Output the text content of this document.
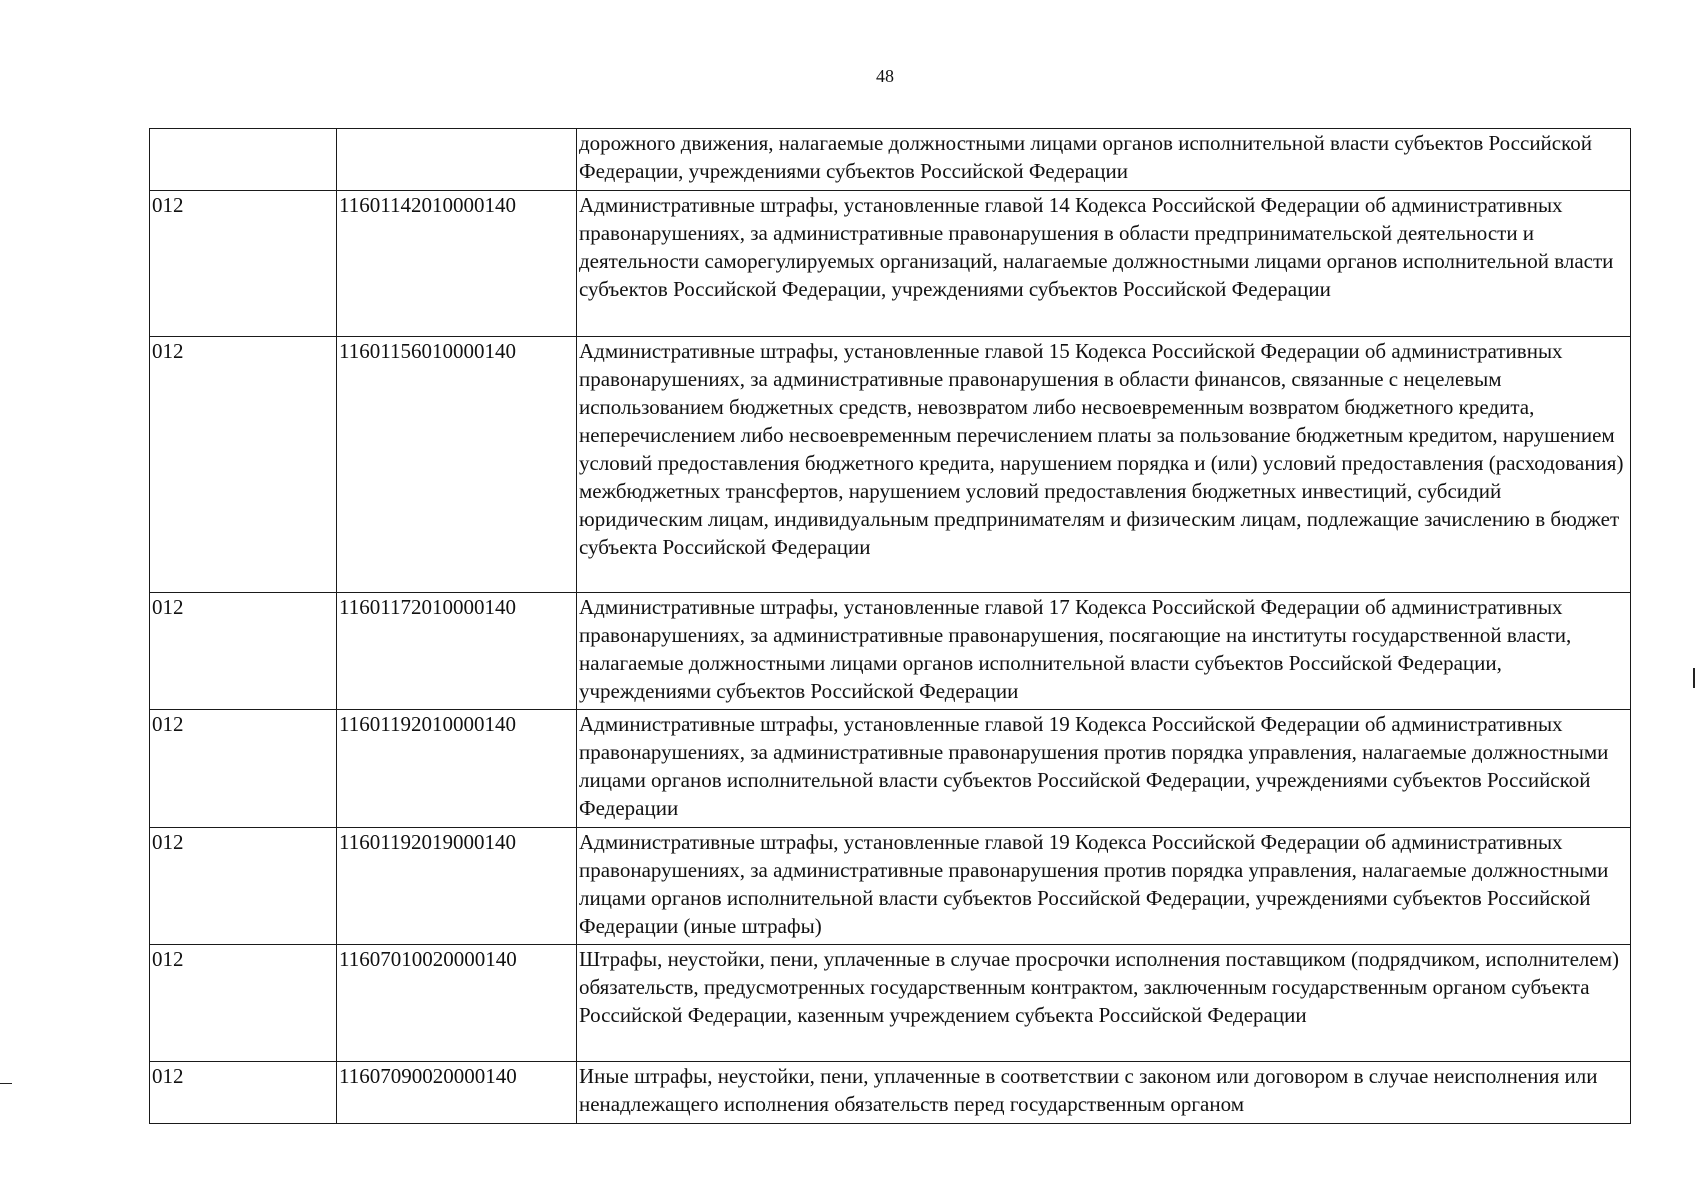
48
		дорожного движения, налагаемые должностными лицами органов исполнительной власти субъектов Российской Федерации, учреждениями субъектов Российской Федерации
012	11601142010000140	Административные штрафы, установленные главой 14 Кодекса Российской Федерации об административных правонарушениях, за административные правонарушения в области предпринимательской деятельности и деятельности саморегулируемых организаций, налагаемые должностными лицами органов исполнительной власти субъектов Российской Федерации, учреждениями субъектов Российской Федерации
012	11601156010000140	Административные штрафы, установленные главой 15 Кодекса Российской Федерации об административных правонарушениях, за административные правонарушения в области финансов, связанные с нецелевым использованием бюджетных средств, невозвратом либо несвоевременным возвратом бюджетного кредита, неперечислением либо несвоевременным перечислением платы за пользование бюджетным кредитом, нарушением условий предоставления бюджетного кредита, нарушением порядка и (или) условий предоставления (расходования) межбюджетных трансфертов, нарушением условий предоставления бюджетных инвестиций, субсидий юридическим лицам, индивидуальным предпринимателям и физическим лицам, подлежащие зачислению в бюджет субъекта Российской Федерации
012	11601172010000140	Административные штрафы, установленные главой 17 Кодекса Российской Федерации об административных правонарушениях, за административные правонарушения, посягающие на институты государственной власти, налагаемые должностными лицами органов исполнительной власти субъектов Российской Федерации, учреждениями субъектов Российской Федерации
012	11601192010000140	Административные штрафы, установленные главой 19 Кодекса Российской Федерации об административных правонарушениях, за административные правонарушения против порядка управления, налагаемые должностными лицами органов исполнительной власти субъектов Российской Федерации, учреждениями субъектов Российской Федерации
012	11601192019000140	Административные штрафы, установленные главой 19 Кодекса Российской Федерации об административных правонарушениях, за административные правонарушения против порядка управления, налагаемые должностными лицами органов исполнительной власти субъектов Российской Федерации, учреждениями субъектов Российской Федерации (иные штрафы)
012	11607010020000140	Штрафы, неустойки, пени, уплаченные в случае просрочки исполнения поставщиком (подрядчиком, исполнителем) обязательств, предусмотренных государственным контрактом, заключенным государственным органом субъекта Российской Федерации, казенным учреждением субъекта Российской Федерации
012	11607090020000140	Иные штрафы, неустойки, пени, уплаченные в соответствии с законом или договором в случае неисполнения или ненадлежащего исполнения обязательств перед государственным органом
